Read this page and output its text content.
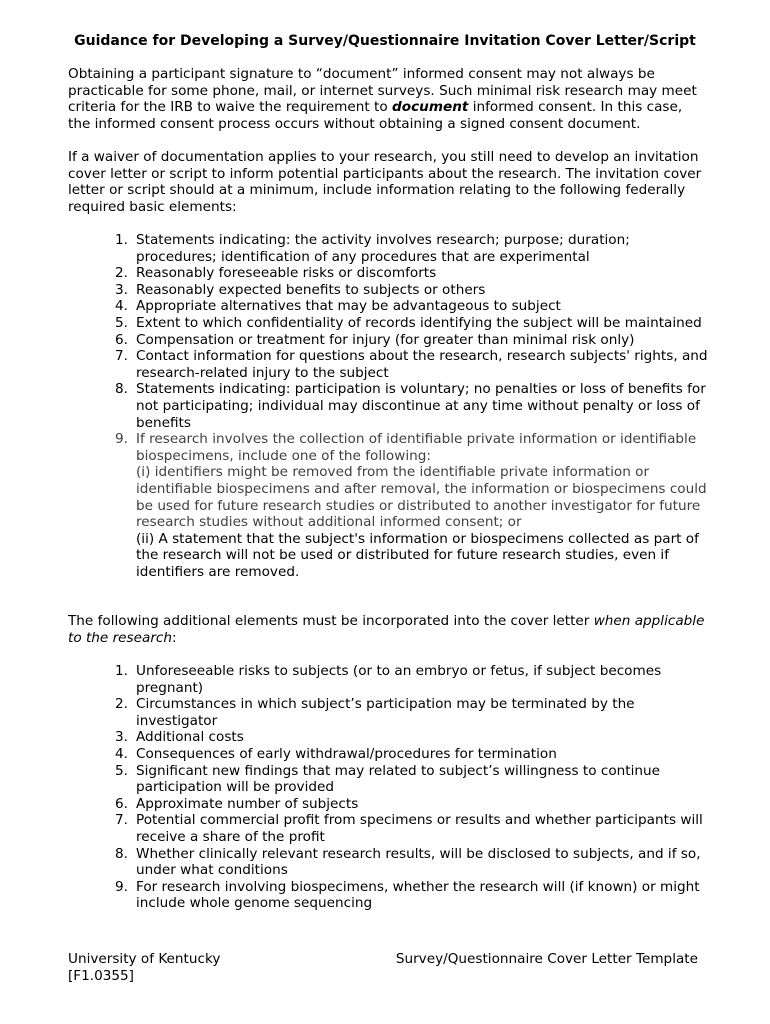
Guidance for Developing a Survey/Questionnaire Invitation Cover Letter/Script

Obtaining a participant signature to “document” informed consent may not always be practicable for some phone, mail, or internet surveys. Such minimal risk research may meet criteria for the IRB to waive the requirement to document informed consent. In this case, the informed consent process occurs without obtaining a signed consent document.

If a waiver of documentation applies to your research, you still need to develop an invitation cover letter or script to inform potential participants about the research. The invitation cover letter or script should at a minimum, include information relating to the following federally required basic elements:

1. Statements indicating: the activity involves research; purpose; duration; procedures; identification of any procedures that are experimental
2. Reasonably foreseeable risks or discomforts
3. Reasonably expected benefits to subjects or others
4. Appropriate alternatives that may be advantageous to subject
5. Extent to which confidentiality of records identifying the subject will be maintained
6. Compensation or treatment for injury (for greater than minimal risk only)
7. Contact information for questions about the research, research subjects' rights, and research-related injury to the subject
8. Statements indicating: participation is voluntary; no penalties or loss of benefits for not participating; individual may discontinue at any time without penalty or loss of benefits
9. If research involves the collection of identifiable private information or identifiable biospecimens, include one of the following:
(i) identifiers might be removed from the identifiable private information or identifiable biospecimens and after removal, the information or biospecimens could be used for future research studies or distributed to another investigator for future research studies without additional informed consent; or
(ii) A statement that the subject's information or biospecimens collected as part of the research will not be used or distributed for future research studies, even if identifiers are removed.

The following additional elements must be incorporated into the cover letter when applicable to the research:

1. Unforeseeable risks to subjects (or to an embryo or fetus, if subject becomes pregnant)
2. Circumstances in which subject’s participation may be terminated by the investigator
3. Additional costs
4. Consequences of early withdrawal/procedures for termination
5. Significant new findings that may related to subject’s willingness to continue participation will be provided
6. Approximate number of subjects
7. Potential commercial profit from specimens or results and whether participants will receive a share of the profit
8. Whether clinically relevant research results, will be disclosed to subjects, and if so, under what conditions
9. For research involving biospecimens, whether the research will (if known) or might include whole genome sequencing
University of Kentucky	Survey/Questionnaire Cover Letter Template
[F1.0355]
